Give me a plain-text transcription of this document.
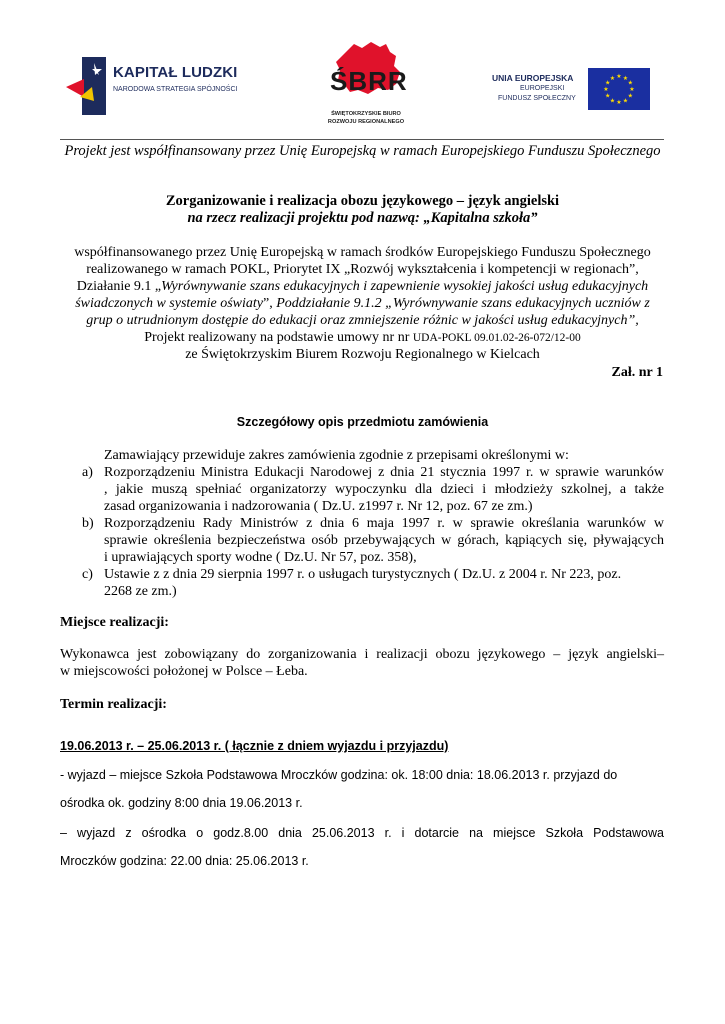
KAPITAŁ LUDZKI
NARODOWA STRATEGIA SPÓJNOŚCI	ŚBRR
ŚWIĘTOKRZYSKIE BIURO
ROZWOJU REGIONALNEGO
UNIA EUROPEJSKA
EUROPEJSKI
FUNDUSZ SPOŁECZNY
★
★
★
★
★
★
★
★
★ ★ ★
★
Projekt jest współfinansowany przez Unię Europejską w ramach Europejskiego Funduszu Społecznego
Zorganizowanie i realizacja obozu językowego – język angielski
na rzecz realizacji projektu pod nazwą: „Kapitalna szkoła”
współfinansowanego przez Unię Europejską w ramach środków Europejskiego Funduszu Społecznego
realizowanego w ramach POKL, Priorytet IX „Rozwój wykształcenia i kompetencji w regionach”,
Działanie 9.1 „Wyrównywanie szans edukacyjnych i zapewnienie wysokiej jakości usług edukacyjnych
świadczonych w systemie oświaty”, Poddziałanie 9.1.2 „Wyrównywanie szans edukacyjnych uczniów z
grup o utrudnionym dostępie do edukacji oraz zmniejszenie różnic w jakości usług edukacyjnych”,
Projekt realizowany na podstawie umowy nr nr UDA-POKL 09.01.02-26-072/12-00
ze Świętokrzyskim Biurem Rozwoju Regionalnego w Kielcach
Zał. nr 1
Szczegółowy opis przedmiotu zamówienia
Zamawiający przewiduje zakres zamówienia zgodnie z przepisami określonymi w:
a) Rozporządzeniu Ministra Edukacji Narodowej z dnia 21 stycznia 1997 r. w sprawie warunków
, jakie muszą spełniać organizatorzy wypoczynku dla dzieci i młodzieży szkolnej, a także
zasad organizowania i nadzorowania ( Dz.U. z1997 r. Nr 12, poz. 67 ze zm.)
b) Rozporządzeniu Rady Ministrów z dnia 6 maja 1997 r. w sprawie określania warunków w
sprawie określenia bezpieczeństwa osób przebywających w górach, kąpiących się, pływających
i uprawiających sporty wodne ( Dz.U. Nr 57, poz. 358),
c) Ustawie z z dnia 29 sierpnia 1997 r. o usługach turystycznych ( Dz.U. z 2004 r. Nr 223, poz.
2268 ze zm.)
Miejsce realizacji:
Wykonawca jest zobowiązany do zorganizowania i realizacji obozu językowego – język angielski–
w miejscowości położonej w Polsce – Łeba.
Termin realizacji:
19.06.2013 r. – 25.06.2013 r. ( łącznie z dniem wyjazdu i przyjazdu)
- wyjazd – miejsce Szkoła Podstawowa Mroczków godzina: ok. 18:00 dnia: 18.06.2013 r. przyjazd do
ośrodka ok. godziny 8:00 dnia 19.06.2013 r.
– wyjazd z ośrodka o godz.8.00 dnia 25.06.2013 r. i dotarcie na miejsce Szkoła Podstawowa
Mroczków godzina: 22.00 dnia: 25.06.2013 r.
